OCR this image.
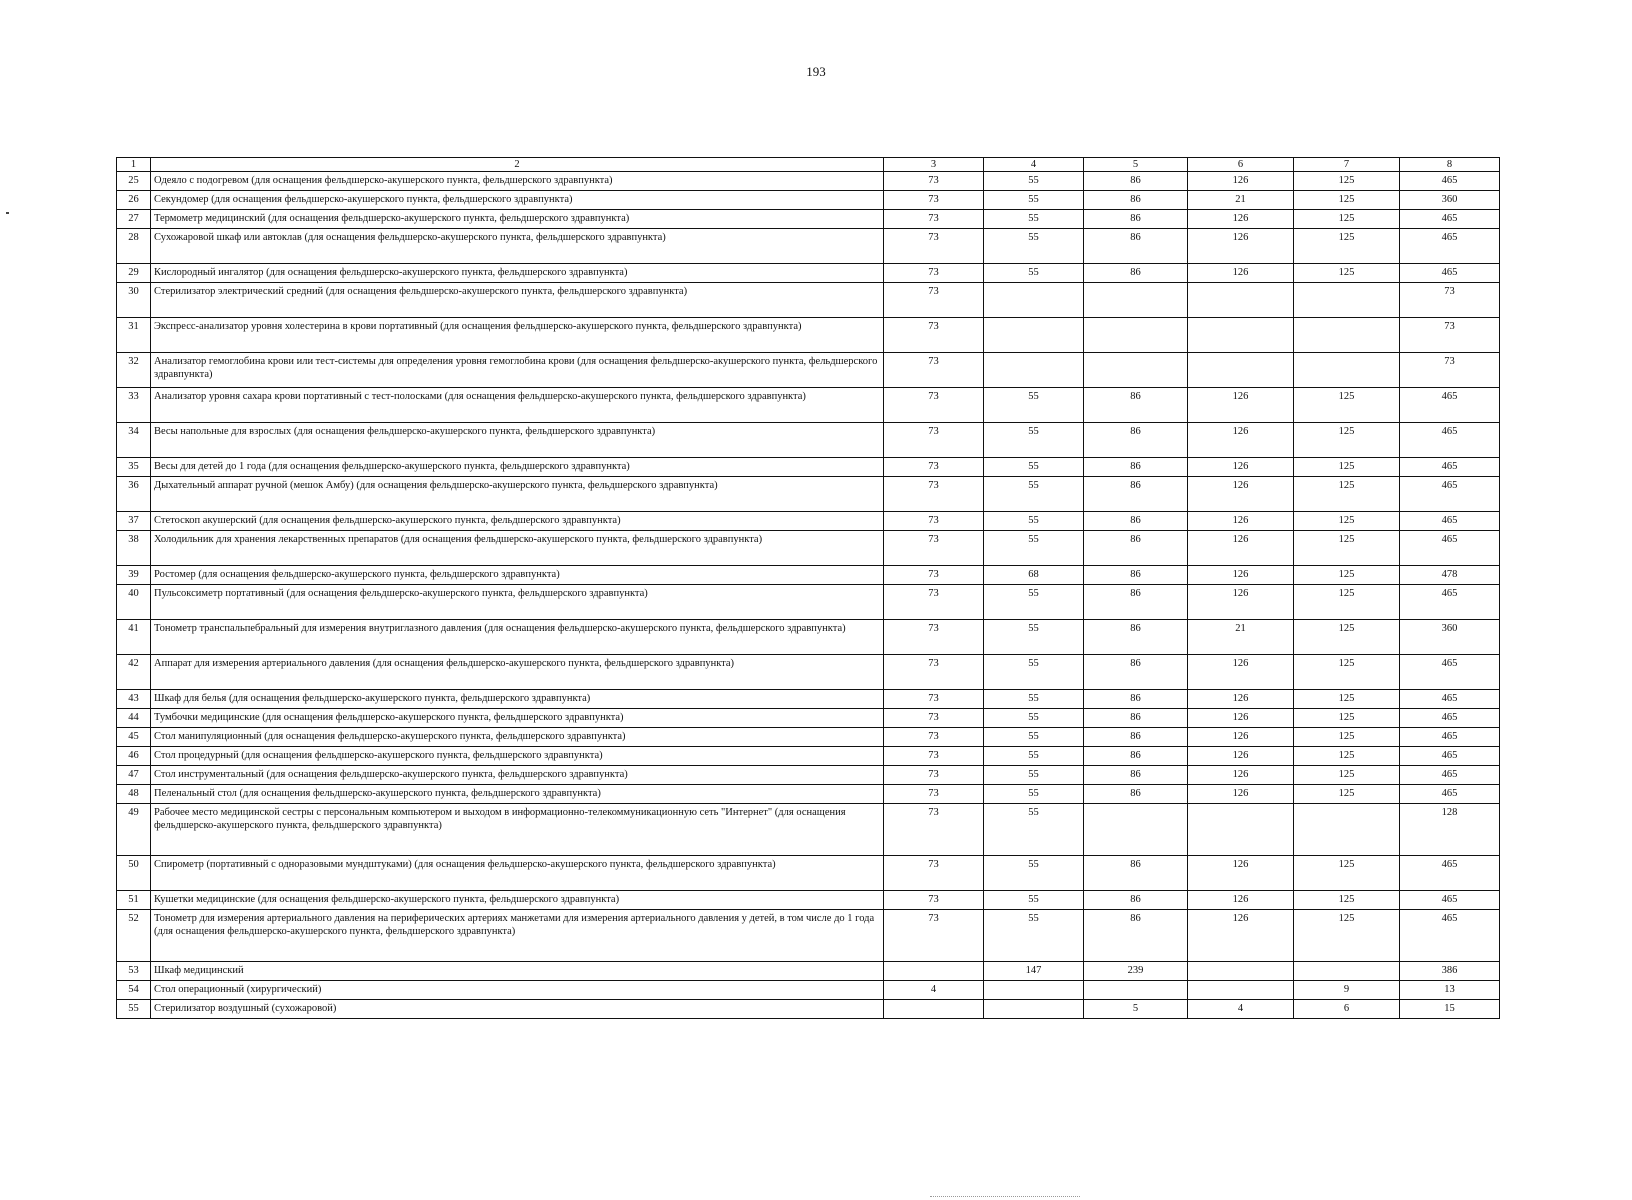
193
1	2	3	4	5	6	7	8
25	Одеяло с подогревом (для оснащения фельдшерско-акушерского пункта, фельдшерского здравпункта)	73	55	86	126	125	465
26	Секундомер (для оснащения фельдшерско-акушерского пункта, фельдшерского здравпункта)	73	55	86	21	125	360
27	Термометр медицинский (для оснащения фельдшерско-акушерского пункта, фельдшерского здравпункта)	73	55	86	126	125	465
28	Сухожаровой шкаф или автоклав (для оснащения фельдшерско-акушерского пункта, фельдшерского здравпункта)	73	55	86	126	125	465
29	Кислородный ингалятор (для оснащения фельдшерско-акушерского пункта, фельдшерского здравпункта)	73	55	86	126	125	465
30	Стерилизатор электрический средний (для оснащения фельдшерско-акушерского пункта, фельдшерского здравпункта)	73					73
31	Экспресс-анализатор уровня холестерина в крови портативный (для оснащения фельдшерско-акушерского пункта, фельдшерского здравпункта)	73					73
32	Анализатор гемоглобина крови или тест-системы для определения уровня гемоглобина крови (для оснащения фельдшерско-акушерского пункта, фельдшерского здравпункта)	73					73
33	Анализатор уровня сахара крови портативный с тест-полосками (для оснащения фельдшерско-акушерского пункта, фельдшерского здравпункта)	73	55	86	126	125	465
34	Весы напольные для взрослых (для оснащения фельдшерско-акушерского пункта, фельдшерского здравпункта)	73	55	86	126	125	465
35	Весы для детей до 1 года (для оснащения фельдшерско-акушерского пункта, фельдшерского здравпункта)	73	55	86	126	125	465
36	Дыхательный аппарат ручной (мешок Амбу) (для оснащения фельдшерско-акушерского пункта, фельдшерского здравпункта)	73	55	86	126	125	465
37	Стетоскоп акушерский (для оснащения фельдшерско-акушерского пункта, фельдшерского здравпункта)	73	55	86	126	125	465
38	Холодильник для хранения лекарственных препаратов (для оснащения фельдшерско-акушерского пункта, фельдшерского здравпункта)	73	55	86	126	125	465
39	Ростомер (для оснащения фельдшерско-акушерского пункта, фельдшерского здравпункта)	73	68	86	126	125	478
40	Пульсоксиметр портативный (для оснащения фельдшерско-акушерского пункта, фельдшерского здравпункта)	73	55	86	126	125	465
41	Тонометр транспальпебральный для измерения внутриглазного давления (для оснащения фельдшерско-акушерского пункта, фельдшерского здравпункта)	73	55	86	21	125	360
42	Аппарат для измерения артериального давления (для оснащения фельдшерско-акушерского пункта, фельдшерского здравпункта)	73	55	86	126	125	465
43	Шкаф для белья (для оснащения фельдшерско-акушерского пункта, фельдшерского здравпункта)	73	55	86	126	125	465
44	Тумбочки медицинские (для оснащения фельдшерско-акушерского пункта, фельдшерского здравпункта)	73	55	86	126	125	465
45	Стол манипуляционный (для оснащения фельдшерско-акушерского пункта, фельдшерского здравпункта)	73	55	86	126	125	465
46	Стол процедурный (для оснащения фельдшерско-акушерского пункта, фельдшерского здравпункта)	73	55	86	126	125	465
47	Стол инструментальный (для оснащения фельдшерско-акушерского пункта, фельдшерского здравпункта)	73	55	86	126	125	465
48	Пеленальный стол (для оснащения фельдшерско-акушерского пункта, фельдшерского здравпункта)	73	55	86	126	125	465
49	Рабочее место медицинской сестры с персональным компьютером и выходом в информационно-телекоммуникационную сеть "Интернет" (для оснащения фельдшерско-акушерского пункта, фельдшерского здравпункта)	73	55				128
50	Спирометр (портативный с одноразовыми мундштуками) (для оснащения фельдшерско-акушерского пункта, фельдшерского здравпункта)	73	55	86	126	125	465
51	Кушетки медицинские (для оснащения фельдшерско-акушерского пункта, фельдшерского здравпункта)	73	55	86	126	125	465
52	Тонометр для измерения артериального давления на периферических артериях манжетами для измерения артериального давления у детей, в том числе до 1 года (для оснащения фельдшерско-акушерского пункта, фельдшерского здравпункта)	73	55	86	126	125	465
53	Шкаф медицинский		147	239			386
54	Стол операционный (хирургический)	4				9	13
55	Стерилизатор воздушный (сухожаровой)			5	4	6	15
